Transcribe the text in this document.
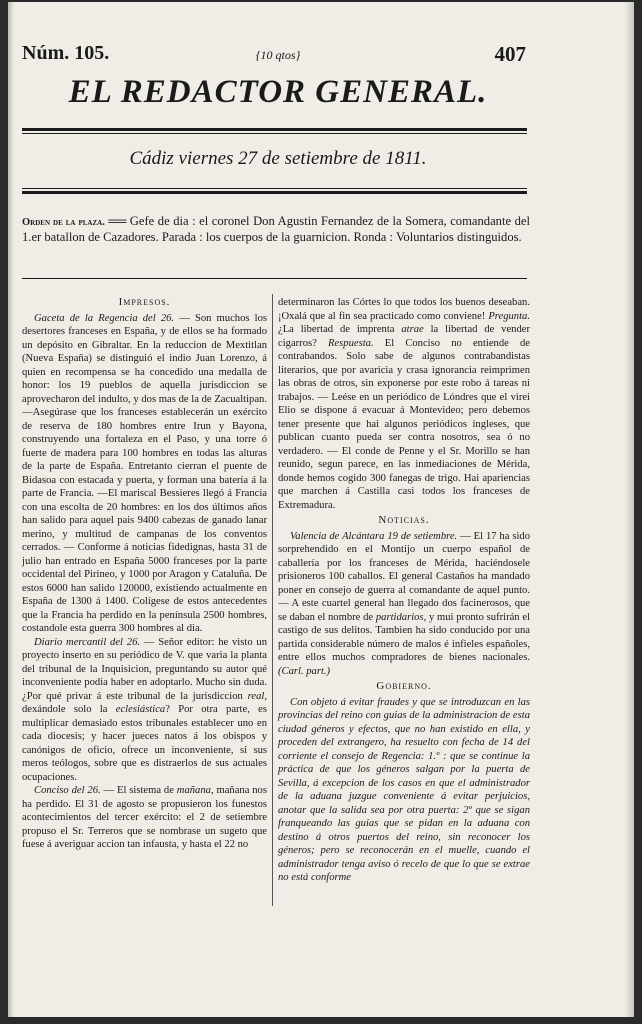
Núm. 105.	{10 qtos}	407
EL REDACTOR GENERAL.
Cádiz viernes 27 de setiembre de 1811.
Orden de la plaza. ══ Gefe de dia : el coronel Don Agustin Fernandez de la Somera, comandante del 1.er batallon de Cazadores. Parada : los cuerpos de la guarnicion. Ronda : Voluntarios distinguidos.
Impresos.

Gaceta de la Regencia del 26. — Son muchos los desertores franceses en España, y de ellos se ha formado un depósito en Gibraltar. En la reduccion de Mextitlan (Nueva España) se distinguió el indio Juan Lorenzo, á quien en recompensa se ha concedido una medalla de honor: los 19 pueblos de aquella jurisdiccion se aprovecharon del indulto, y dos mas de la de Zacualtipan. —Asegúrase que los franceses establecerán un exército de reserva de 180 hombres entre Irun y Bayona, construyendo una fortaleza en el Paso, y una torre ó fuerte de madera para 100 hombres en todas las alturas de la parte de España. Entretanto cierran el puente de Bidasoa con estacada y puerta, y forman una batería á la parte de Francia. —El mariscal Bessieres llegó á Francia con una escolta de 20 hombres: en los dos últimos años han salido para aquel pais 9400 cabezas de ganado lanar merino, y multitud de campanas de los conventos cerrados. — Conforme á noticias fidedignas, hasta 31 de julio han entrado en España 5000 franceses por la parte occidental del Pirineo, y 1000 por Aragon y Cataluña. De estos 6000 han salido 120000, existiendo actualmente en España de 1300 á 1400. Colígese de estos antecedentes que la Francia ha perdido en la península 2500 hombres, costandole esta guerra 300 hombres al dia.

Diario mercantil del 26. — Señor editor: he visto un proyecto inserto en su periódico de V. que varia la planta del tribunal de la Inquisicion, preguntando su autor qué inconveniente podia haber en adoptarlo. Mucho sin duda. ¿Por qué privar á este tribunal de la jurisdiccion real, dexándole solo la eclesiástica? Por otra parte, es multiplicar demasiado estos tribunales establecer uno en cada diocesis; y hacer jueces natos á los obispos y canónigos de oficio, ofrece un inconveniente, si sus meros teólogos, sobre que es distraerlos de sus actuales ocupaciones.

Conciso del 26. — El sistema de mañana, mañana nos ha perdido. El 31 de agosto se propusieron los funestos acontecimientos del tercer exército: el 2 de setiembre propuso el Sr. Terreros que se nombrase un sugeto que fuese á averiguar accion tan infausta, y hasta el 22 no

determinaron las Córtes lo que todos los buenos deseaban. ¡Oxalá que al fin sea practicado como conviene! Pregunta. ¿La libertad de imprenta atrae la libertad de vender cigarros? Respuesta. El Conciso no entiende de contrabandos. Solo sabe de algunos contrabandistas literarios, que por avaricia y crasa ignorancia reimprimen las obras de otros, sin exponerse por este robo á tareas ni trabajos. — Leése en un periódico de Lóndres que el virei Elio se dispone á evacuar á Montevideo; pero debemos tener presente que hai algunos periódicos ingleses, que publican cuanto pueda ser contra nosotros, sea ó no verdadero. — El conde de Penne y el Sr. Morillo se han reunido, segun parece, en las inmediaciones de Mérida, donde hemos cogido 300 fanegas de trigo. Hai apariencias que marchen á Castilla casi todos los franceses de Extremadura.

Noticias.

Valencia de Alcántara 19 de setiembre. — El 17 ha sido sorprehendido en el Montijo un cuerpo español de caballería por los franceses de Mérida, haciéndosele prisioneros 100 caballos. El general Castaños ha mandado poner en consejo de guerra al comandante de aquel punto. — A este cuartel general han llegado dos facinerosos, que se daban el nombre de partidarios, y mui pronto sufrirán el castigo de sus delitos. Tambien ha sido conducido por una partida considerable número de malos é infieles españoles, entre ellos muchos compradores de bienes nacionales. (Carl. part.)

Gobierno.

Con objeto á evitar fraudes y que se introduzcan en las provincias del reino con guias de la administracion de esta ciudad géneros y efectos, que no han existido en ella, y proceden del extrangero, ha resuelto con fecha de 14 del corriente el consejo de Regencia: 1.º : que se continue la práctica de que los géneros salgan por la puerta de Sevilla, á excepcion de los casos en que el administrador de la aduana juzgue conveniente á evitar perjuicios, anotar que la salida sea por otra puerta: 2º que se sigan franqueando las guias que se pidan en la aduana con destino á otros puertos del reino, sin reconocer los géneros; pero se reconocerán en el muelle, cuando el administrador tenga aviso ó recelo de que lo que se extrae no está conforme
